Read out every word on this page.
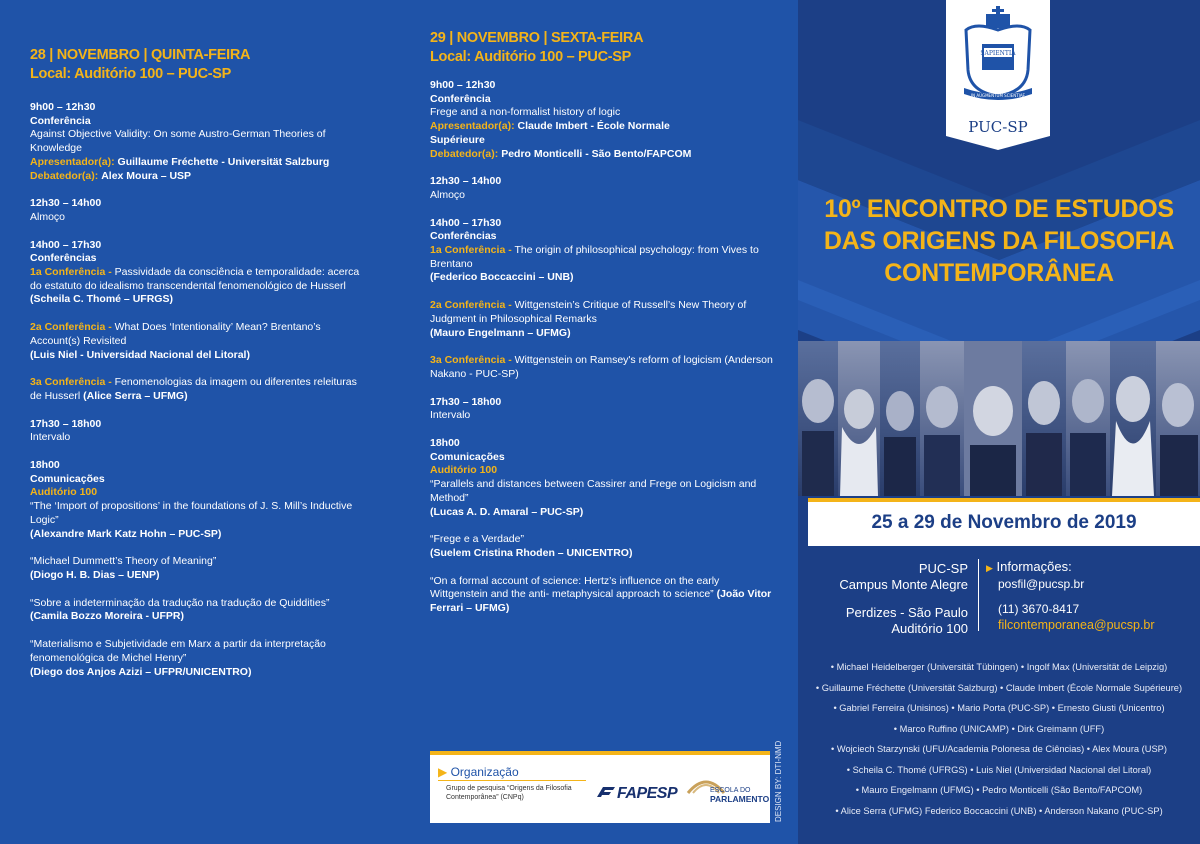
28 | NOVEMBRO | QUINTA-FEIRA
Local: Auditório 100 – PUC-SP
9h00 – 12h30
Conferência
Against Objective Validity: On some Austro-German Theories of Knowledge
Apresentador(a): Guillaume Fréchette - Universität Salzburg
Debatedor(a): Alex Moura – USP
12h30 – 14h00
Almoço
14h00 – 17h30
Conferências
1a Conferência - Passividade da consciência e temporalidade: acerca do estatuto do idealismo transcendental fenomenológico de Husserl
(Scheila C. Thomé – UFRGS)
2a Conferência - What Does ‘Intentionality’ Mean? Brentano’s Account(s) Revisited
(Luis Niel - Universidad Nacional del Litoral)
3a Conferência - Fenomenologias da imagem ou diferentes releituras de Husserl (Alice Serra – UFMG)
17h30 – 18h00
Intervalo
18h00
Comunicações
Auditório 100
“The ‘Import of propositions’ in the foundations of J. S. Mill’s Inductive Logic”
(Alexandre Mark Katz Hohn – PUC-SP)
“Michael Dummett’s Theory of Meaning”
(Diogo H. B. Dias – UENP)
“Sobre a indeterminação da tradução na tradução de Quiddities”
(Camila Bozzo Moreira - UFPR)
“Materialismo e Subjetividade em Marx a partir da interpretação fenomenológica de Michel Henry”
(Diego dos Anjos Azizi – UFPR/UNICENTRO)
29 | NOVEMBRO | SEXTA-FEIRA
Local: Auditório 100 – PUC-SP
9h00 – 12h30
Conferência
Frege and a non-formalist history of logic
Apresentador(a): Claude Imbert - École Normale Supérieure
Debatedor(a): Pedro Monticelli - São Bento/FAPCOM
12h30 – 14h00
Almoço
14h00 – 17h30
Conferências
1a Conferência - The origin of philosophical psychology: from Vives to Brentano
(Federico Boccaccini – UNB)
2a Conferência - Wittgenstein’s Critique of Russell’s New Theory of Judgment in Philosophical Remarks
(Mauro Engelmann – UFMG)
3a Conferência - Wittgenstein on Ramsey's reform of logicism (Anderson Nakano - PUC-SP)
17h30 – 18h00
Intervalo
18h00
Comunicações
Auditório 100
“Parallels and distances between Cassirer and Frege on Logicism and Method”
(Lucas A. D. Amaral – PUC-SP)
“Frege e a Verdade”
(Suelem Cristina Rhoden – UNICENTRO)
“On a formal account of science: Hertz’s influence on the early Wittgenstein and the anti- metaphysical approach to science” (João Vitor Ferrari – UFMG)
▶ Organização
Grupo de pesquisa “Origens da Filosofia Contemporânea” (CNPq)	FAPESP	ESCOLA DO
PARLAMENTO DESIGN BY: DTI-NMD
SAPIENTIA
IN AUGMENTUM SCIENTIAE
PUC-SP
10º ENCONTRO DE ESTUDOS
DAS ORIGENS DA FILOSOFIA
CONTEMPORÂNEA
25 a 29 de Novembro de 2019
PUC-SP
Campus Monte Alegre
Perdizes - São Paulo
Auditório 100
▶ Informações:
posfil@pucsp.br
(11) 3670-8417
filcontemporanea@pucsp.br
• Michael Heidelberger (Universität Tübingen) • Ingolf Max (Universität de Leipzig)
• Guillaume Fréchette (Universität Salzburg) • Claude Imbert (École Normale Supérieure)
• Gabriel Ferreira (Unisinos) • Mario Porta (PUC-SP) • Ernesto Giusti (Unicentro)
• Marco Ruffino (UNICAMP) • Dirk Greimann (UFF)
• Wojciech Starzynski (UFU/Academia Polonesa de Ciências) • Alex Moura (USP)
• Scheila C. Thomé (UFRGS) • Luis Niel (Universidad Nacional del Litoral)
• Mauro Engelmann (UFMG) • Pedro Monticelli (São Bento/FAPCOM)
• Alice Serra (UFMG) Federico Boccaccini (UNB) • Anderson Nakano (PUC-SP)
